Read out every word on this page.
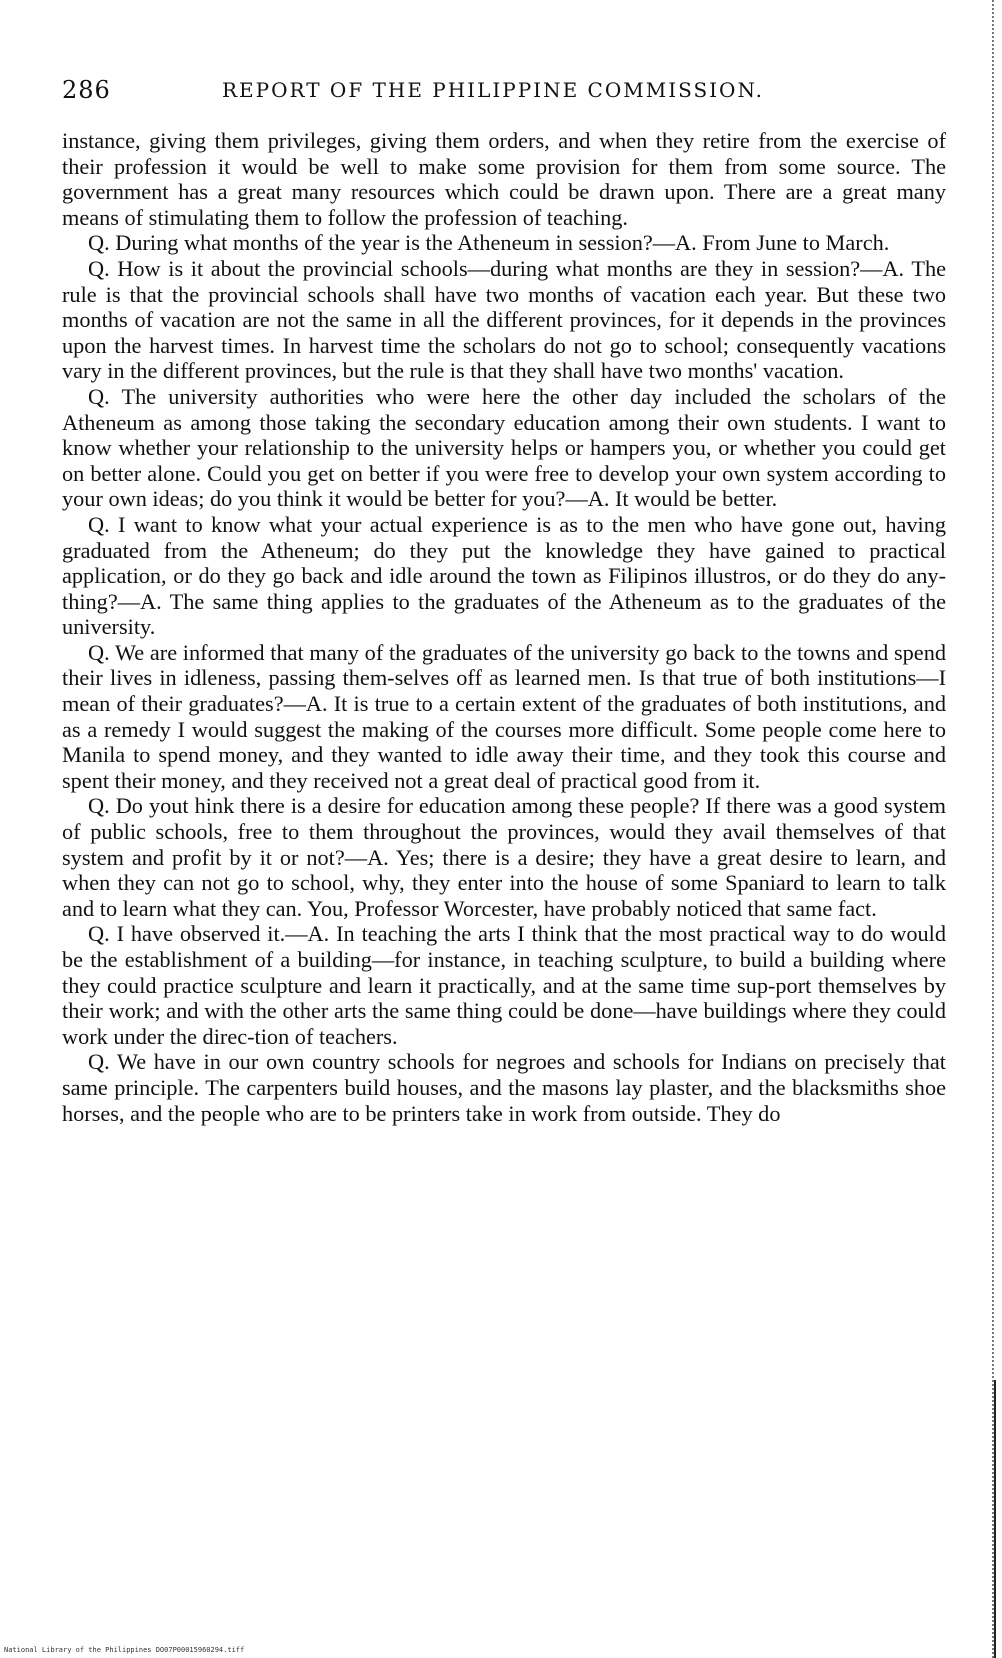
286	REPORT OF THE PHILIPPINE COMMISSION.

instance, giving them privileges, giving them orders, and when they retire from the exercise of their profession it would be well to make some provision for them from some source. The government has a great many resources which could be drawn upon. There are a great many means of stimulating them to follow the profession of teaching.

Q. During what months of the year is the Atheneum in session?—A. From June to March.

Q. How is it about the provincial schools—during what months are they in session?—A. The rule is that the provincial schools shall have two months of vacation each year. But these two months of vacation are not the same in all the different provinces, for it depends in the provinces upon the harvest times. In harvest time the scholars do not go to school; consequently vacations vary in the different provinces, but the rule is that they shall have two months' vacation.

Q. The university authorities who were here the other day included the scholars of the Atheneum as among those taking the secondary education among their own students. I want to know whether your relationship to the university helps or hampers you, or whether you could get on better alone. Could you get on better if you were free to develop your own system according to your own ideas; do you think it would be better for you?—A. It would be better.

Q. I want to know what your actual experience is as to the men who have gone out, having graduated from the Atheneum; do they put the knowledge they have gained to practical application, or do they go back and idle around the town as Filipinos illustros, or do they do any-thing?—A. The same thing applies to the graduates of the Atheneum as to the graduates of the university.

Q. We are informed that many of the graduates of the university go back to the towns and spend their lives in idleness, passing them-selves off as learned men. Is that true of both institutions—I mean of their graduates?—A. It is true to a certain extent of the graduates of both institutions, and as a remedy I would suggest the making of the courses more difficult. Some people come here to Manila to spend money, and they wanted to idle away their time, and they took this course and spent their money, and they received not a great deal of practical good from it.

Q. Do yout hink there is a desire for education among these people? If there was a good system of public schools, free to them throughout the provinces, would they avail themselves of that system and profit by it or not?—A. Yes; there is a desire; they have a great desire to learn, and when they can not go to school, why, they enter into the house of some Spaniard to learn to talk and to learn what they can. You, Professor Worcester, have probably noticed that same fact.

Q. I have observed it.—A. In teaching the arts I think that the most practical way to do would be the establishment of a building—for instance, in teaching sculpture, to build a building where they could practice sculpture and learn it practically, and at the same time sup-port themselves by their work; and with the other arts the same thing could be done—have buildings where they could work under the direc-tion of teachers.

Q. We have in our own country schools for negroes and schools for Indians on precisely that same principle. The carpenters build houses, and the masons lay plaster, and the blacksmiths shoe horses, and the people who are to be printers take in work from outside. They do

National Library of the Philippines DO07P00015960294.tiff
